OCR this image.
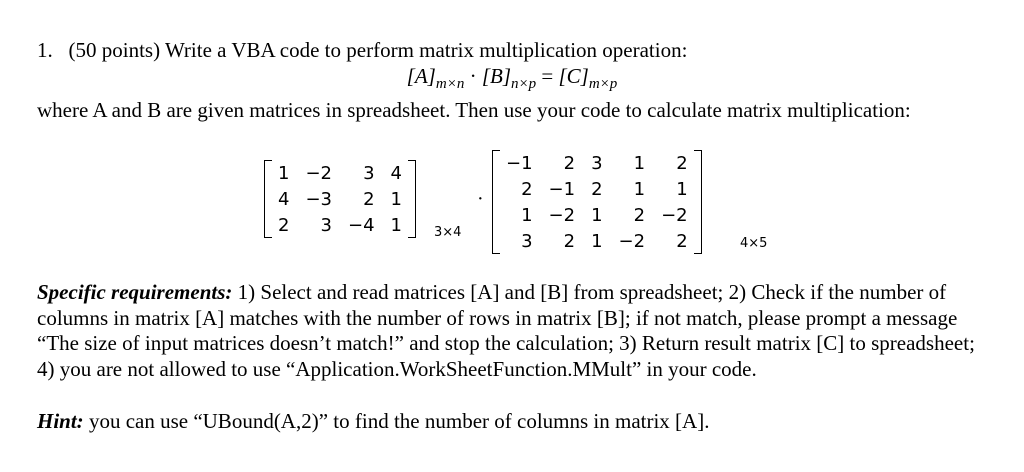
1. (50 points) Write a VBA code to perform matrix multiplication operation:
$[A]_{m\times n} \cdot [B]_{n\times p} = [C]_{m\times p}$
where A and B are given matrices in spreadsheet. Then use your code to calculate matrix multiplication:
1	−2	3	4
4	−3	2	1
2	3	−4	1 3×4
·
−1	2	3	1	2
2	−1	2	1	1
1	−2	1	2	−2
3	2	1	−2	2	4×5
Specific requirements: 1) Select and read matrices [A] and [B] from spreadsheet; 2) Check if the number of columns in matrix [A] matches with the number of rows in matrix [B]; if not match, please prompt a message “The size of input matrices doesn’t match!” and stop the calculation; 3) Return result matrix [C] to spreadsheet; 4) you are not allowed to use “Application.WorkSheetFunction.MMult” in your code.
Hint: you can use “UBound(A,2)” to find the number of columns in matrix [A].
